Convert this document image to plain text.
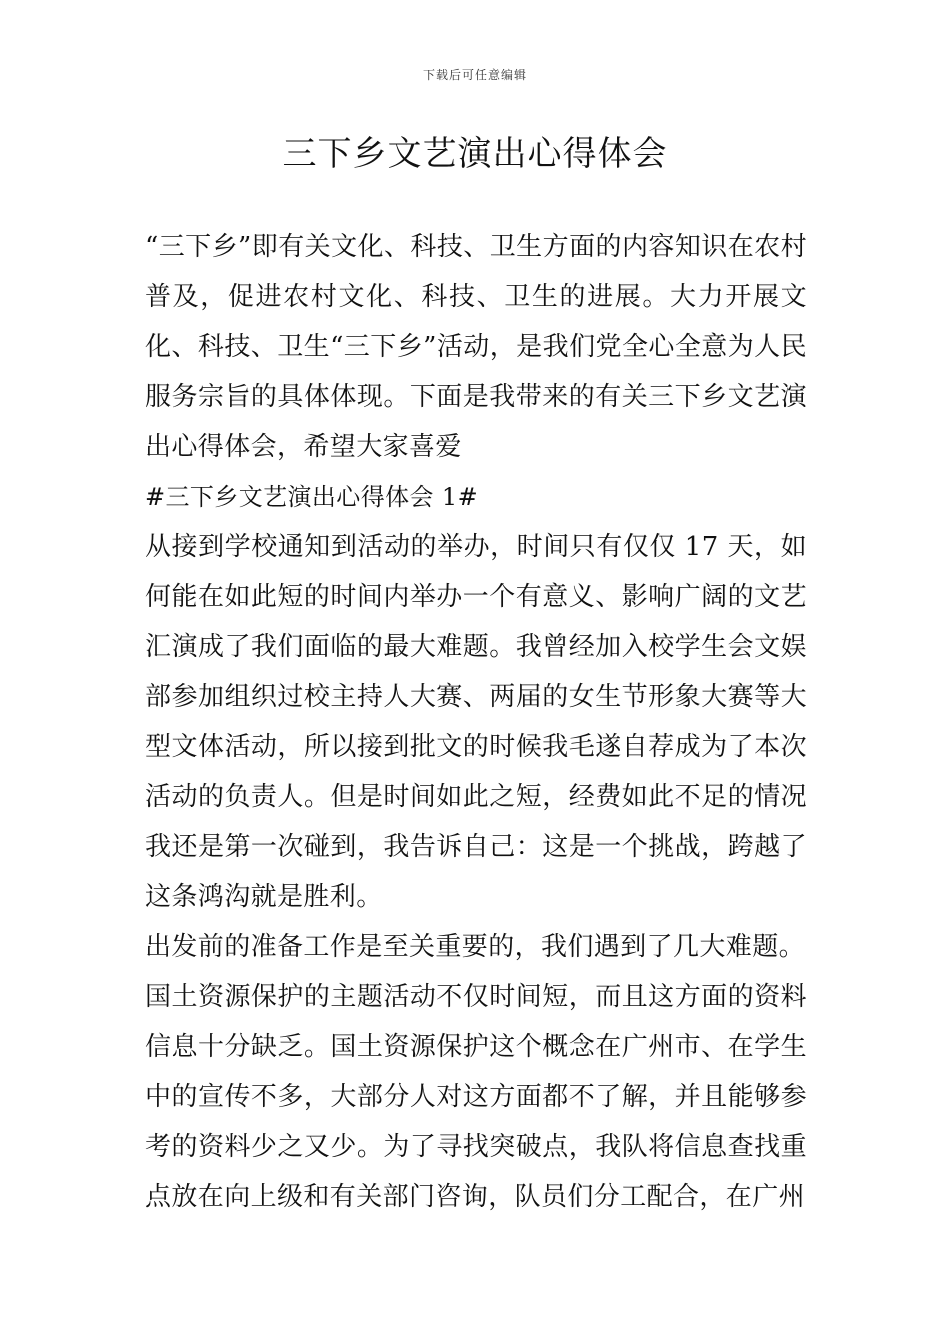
下载后可任意编辑
三下乡文艺演出心得体会

“三下乡”即有关文化、科技、卫生方面的内容知识在农村普及，促进农村文化、科技、卫生的进展。大力开展文化、科技、卫生“三下乡”活动，是我们党全心全意为人民服务宗旨的具体体现。下面是我带来的有关三下乡文艺演出心得体会，希望大家喜爱

#三下乡文艺演出心得体会 1#

从接到学校通知到活动的举办，时间只有仅仅 17 天，如何能在如此短的时间内举办一个有意义、影响广阔的文艺汇演成了我们面临的最大难题。我曾经加入校学生会文娱部参加组织过校主持人大赛、两届的女生节形象大赛等大型文体活动，所以接到批文的时候我毛遂自荐成为了本次活动的负责人。但是时间如此之短，经费如此不足的情况我还是第一次碰到，我告诉自己：这是一个挑战，跨越了这条鸿沟就是胜利。

出发前的准备工作是至关重要的，我们遇到了几大难题。

国土资源保护的主题活动不仅时间短，而且这方面的资料信息十分缺乏。国土资源保护这个概念在广州市、在学生中的宣传不多，大部分人对这方面都不了解，并且能够参考的资料少之又少。为了寻找突破点，我队将信息查找重点放在向上级和有关部门咨询，队员们分工配合，在广州
